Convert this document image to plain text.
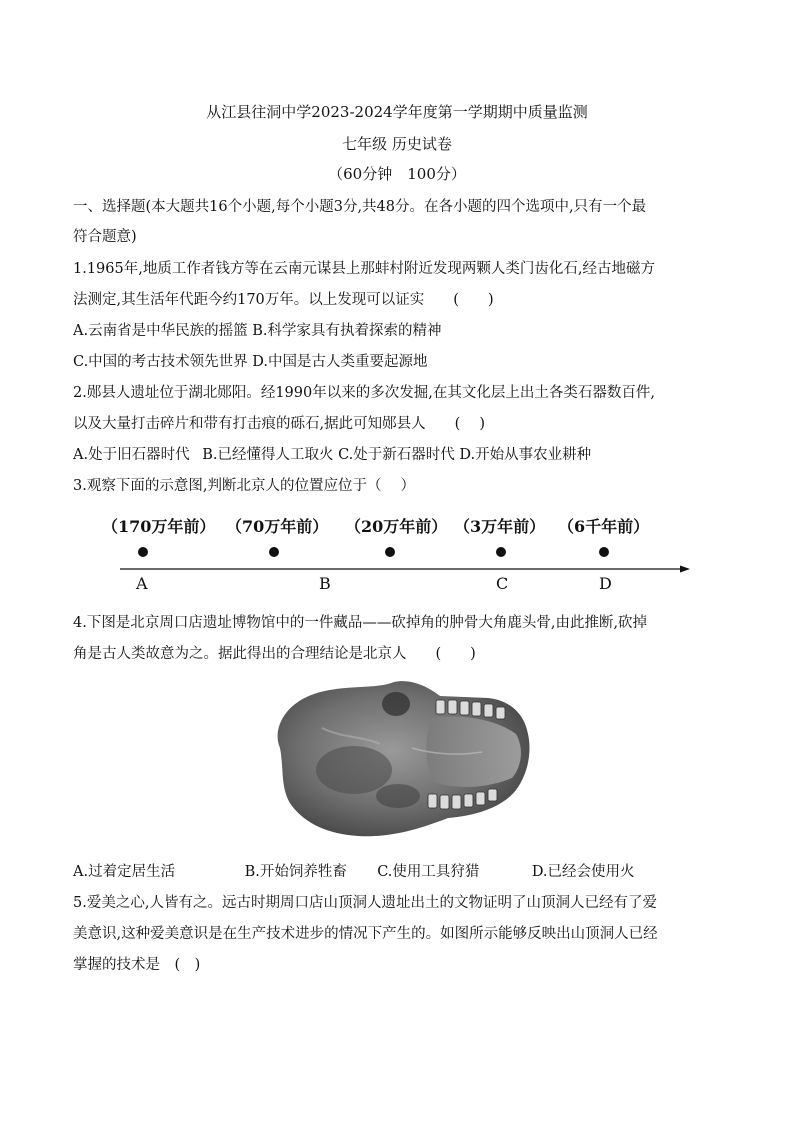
从江县往洞中学2023-2024学年度第一学期期中质量监测
七年级 历史试卷
（60分钟　100分）
一、选择题(本大题共16个小题,每个小题3分,共48分。在各小题的四个选项中,只有一个最
符合题意)
1.1965年,地质工作者钱方等在云南元谋县上那蚌村附近发现两颗人类门齿化石,经古地磁方
法测定,其生活年代距今约170万年。以上发现可以证实　　(　　)
A.云南省是中华民族的摇篮 B.科学家具有执着探索的精神
C.中国的考古技术领先世界 D.中国是古人类重要起源地
2.郧县人遗址位于湖北郧阳。经1990年以来的多次发掘,在其文化层上出土各类石器数百件,
以及大量打击碎片和带有打击痕的砾石,据此可知郧县人　　(　 )
A.处于旧石器时代 B.已经懂得人工取火 C.处于新石器时代 D.开始从事农业耕种
3.观察下面的示意图,判断北京人的位置应位于（　 ）
（170万年前） （70万年前） （20万年前） （3万年前） （6千年前）
A	B	C	D
4.下图是北京周口店遗址博物馆中的一件藏品——砍掉角的肿骨大角鹿头骨,由此推断,砍掉
角是古人类故意为之。据此得出的合理结论是北京人　　(　　)
A.过着定居生活	B.开始饲养牲畜 C.使用工具狩猎	D.已经会使用火
5.爱美之心,人皆有之。远古时期周口店山顶洞人遗址出土的文物证明了山顶洞人已经有了爱
美意识,这种爱美意识是在生产技术进步的情况下产生的。如图所示能够反映出山顶洞人已经
掌握的技术是　(　)
